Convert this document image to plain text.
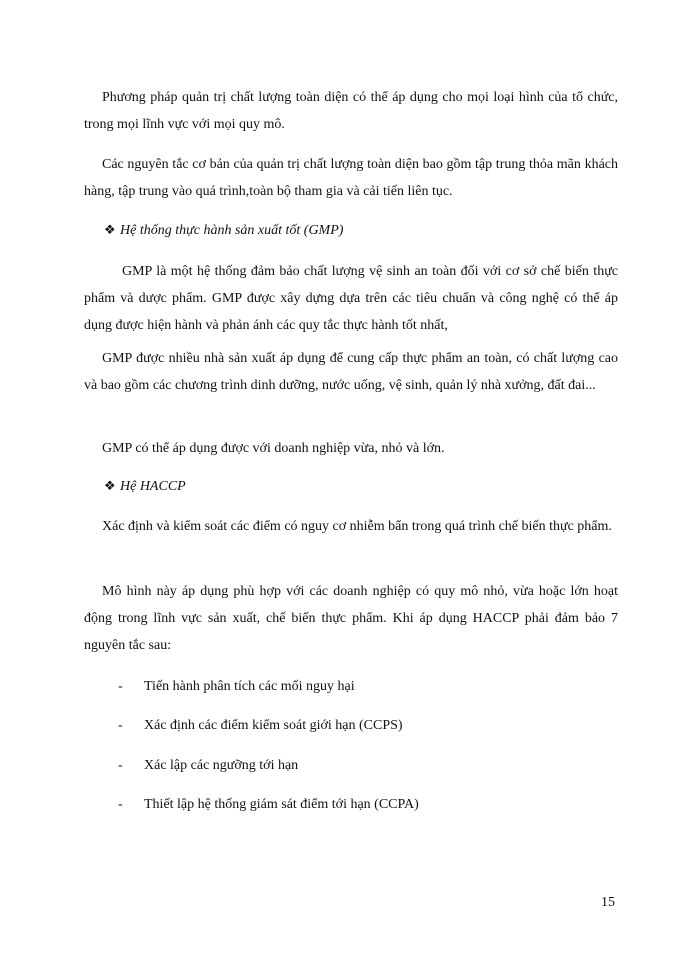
Phương pháp quản trị chất lượng toàn diện có thể áp dụng cho mọi loại hình của tổ chức, trong mọi lĩnh vực với mọi quy mô.

Các nguyên tắc cơ bản của quản trị chất lượng toàn diện bao gồm tập trung thỏa mãn khách hàng, tập trung vào quá trình,toàn bộ tham gia và cải tiến liên tục.

❖ Hệ thống thực hành sản xuất tốt (GMP)

GMP là một hệ thống đảm bảo chất lượng vệ sinh an toàn đối với cơ sở chế biến thực phẩm và dược phẩm. GMP được xây dựng dựa trên các tiêu chuẩn và công nghệ có thể áp dụng được hiện hành và phản ánh các quy tắc thực hành tốt nhất,

GMP được nhiều nhà sản xuất áp dụng để cung cấp thực phẩm an toàn, có chất lượng cao và bao gồm các chương trình dinh dưỡng, nước uống, vệ sinh, quản lý nhà xưởng, đất đai...

GMP có thể áp dụng được với doanh nghiệp vừa, nhỏ và lớn.

❖ Hệ HACCP

Xác định và kiểm soát các điểm có nguy cơ nhiễm bẩn trong quá trình chế biến thực phẩm.

Mô hình này áp dụng phù hợp với các doanh nghiệp có quy mô nhỏ, vừa hoặc lớn hoạt động trong lĩnh vực sản xuất, chế biến thực phẩm. Khi áp dụng HACCP phải đảm bảo 7 nguyên tắc sau:

- Tiến hành phân tích các mối nguy hại

- Xác định các điểm kiểm soát giới hạn (CCPS)

- Xác lập các ngưỡng tới hạn

- Thiết lập hệ thống giám sát điểm tới hạn (CCPA)

15
